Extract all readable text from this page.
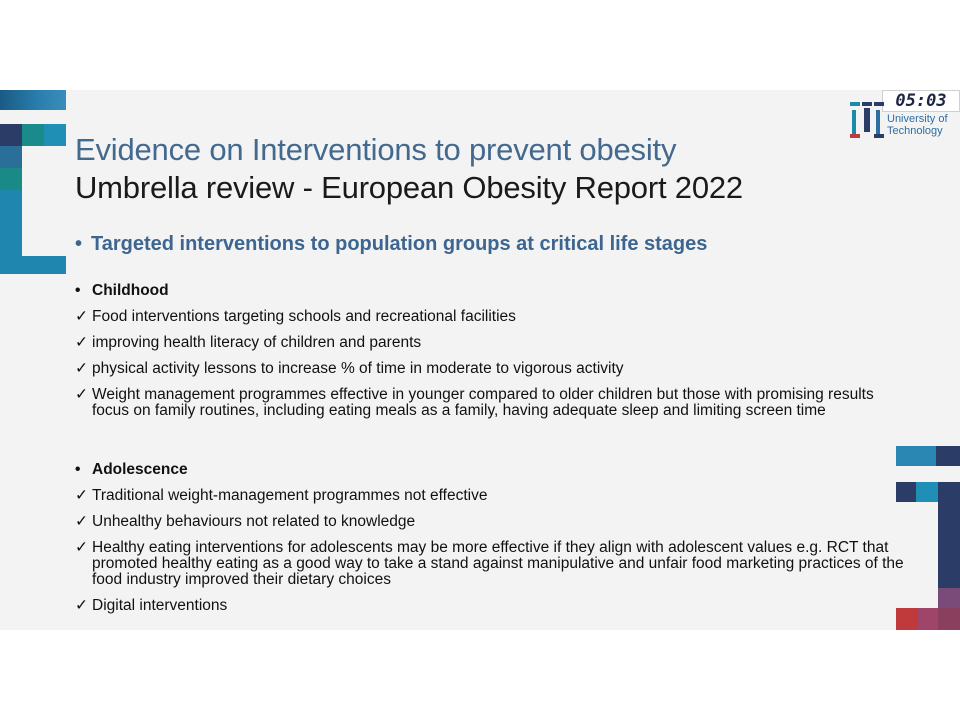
05:03
University of
Technology
Evidence on Interventions to prevent obesity
Umbrella review - European Obesity Report 2022
• Targeted interventions to population groups at critical life stages
• Childhood
✓ Food interventions targeting schools and recreational facilities
✓ improving health literacy of children and parents
✓ physical activity lessons to increase % of time in moderate to vigorous activity
✓ Weight management programmes effective in younger compared to older children but those with promising results focus on family routines, including eating meals as a family, having adequate sleep and limiting screen time
• Adolescence
✓ Traditional weight-management programmes not effective
✓ Unhealthy behaviours not related to knowledge
✓ Healthy eating interventions for adolescents may be more effective if they align with adolescent values e.g. RCT that promoted healthy eating as a good way to take a stand against manipulative and unfair food marketing practices of the food industry improved their dietary choices
✓ Digital interventions
